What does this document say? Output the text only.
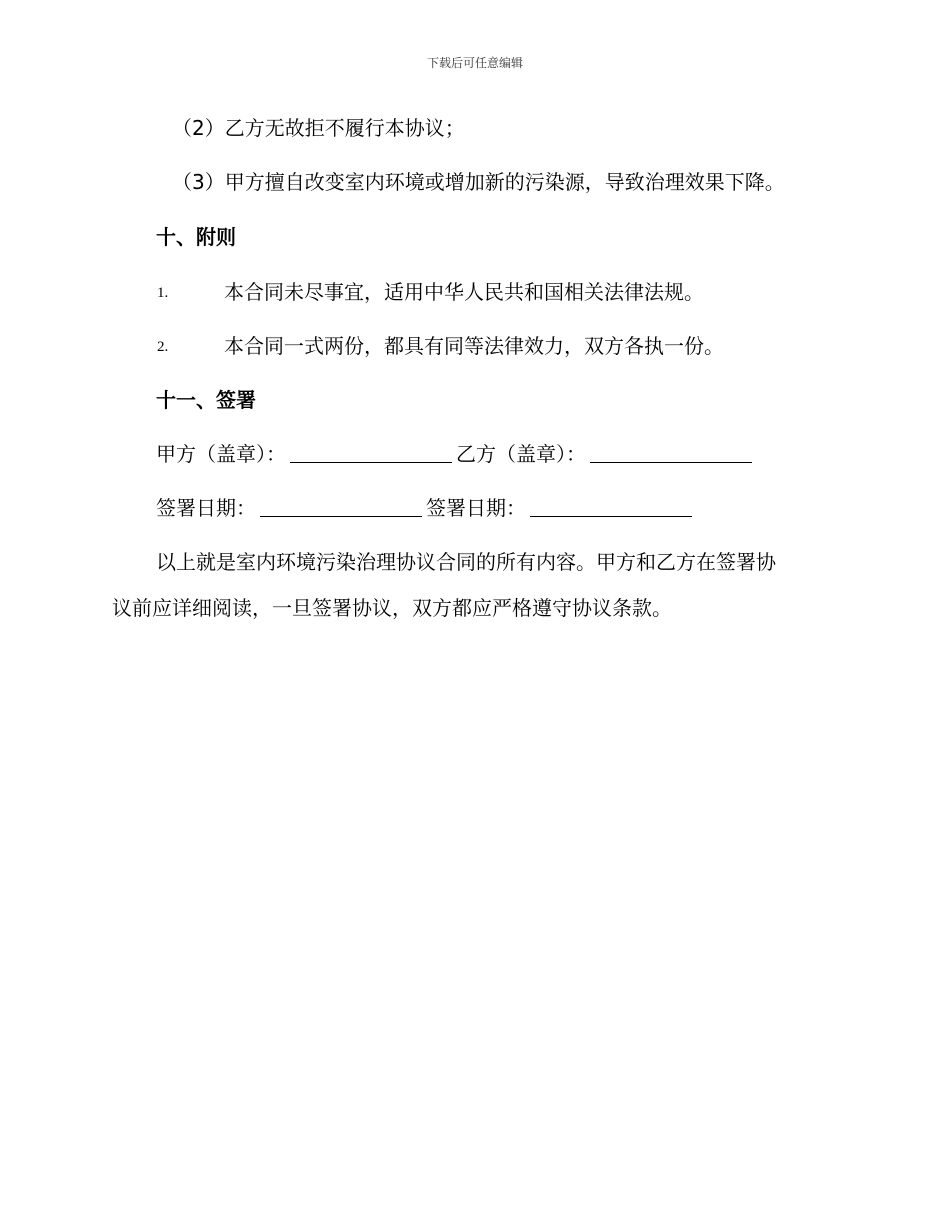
下载后可任意编辑
（2）乙方无故拒不履行本协议；
（3）甲方擅自改变室内环境或增加新的污染源，导致治理效果下降。
十、附则
1.	本合同未尽事宜，适用中华人民共和国相关法律法规。
2.	本合同一式两份，都具有同等法律效力，双方各执一份。
十一、签署
甲方（盖章）：	乙方（盖章）：
签署日期：	签署日期：
以上就是室内环境污染治理协议合同的所有内容。甲方和乙方在签署协
议前应详细阅读，一旦签署协议，双方都应严格遵守协议条款。
